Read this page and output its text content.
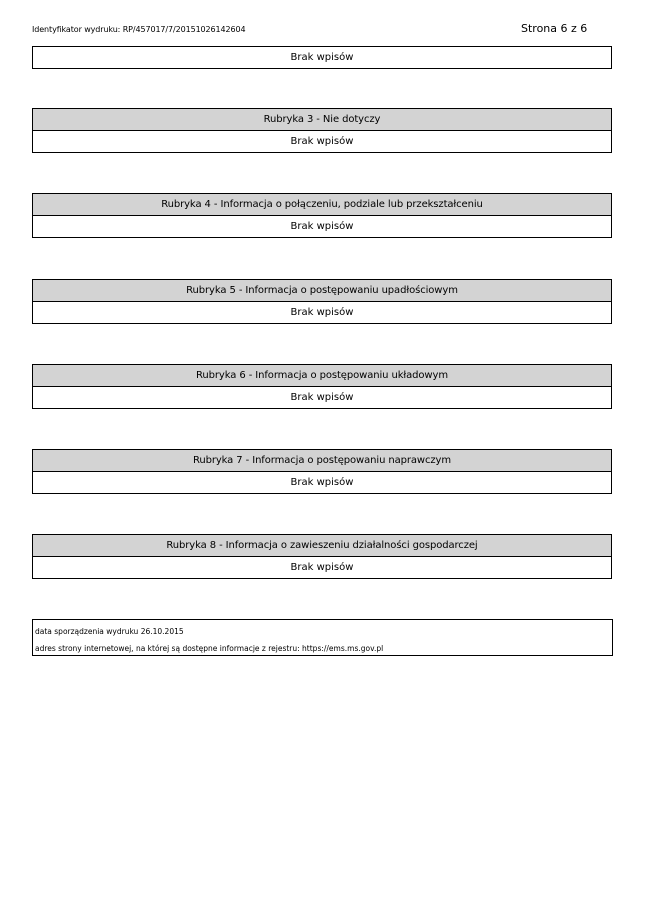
Identyfikator wydruku: RP/457017/7/20151026142604	Strona 6 z 6
Brak wpisów
Rubryka 3 - Nie dotyczy
Brak wpisów
Rubryka 4 - Informacja o połączeniu, podziale lub przekształceniu
Brak wpisów
Rubryka 5 - Informacja o postępowaniu upadłościowym
Brak wpisów
Rubryka 6 - Informacja o postępowaniu układowym
Brak wpisów
Rubryka 7 - Informacja o postępowaniu naprawczym
Brak wpisów
Rubryka 8 - Informacja o zawieszeniu działalności gospodarczej
Brak wpisów
data sporządzenia wydruku 26.10.2015
adres strony internetowej, na której są dostępne informacje z rejestru: https://ems.ms.gov.pl
